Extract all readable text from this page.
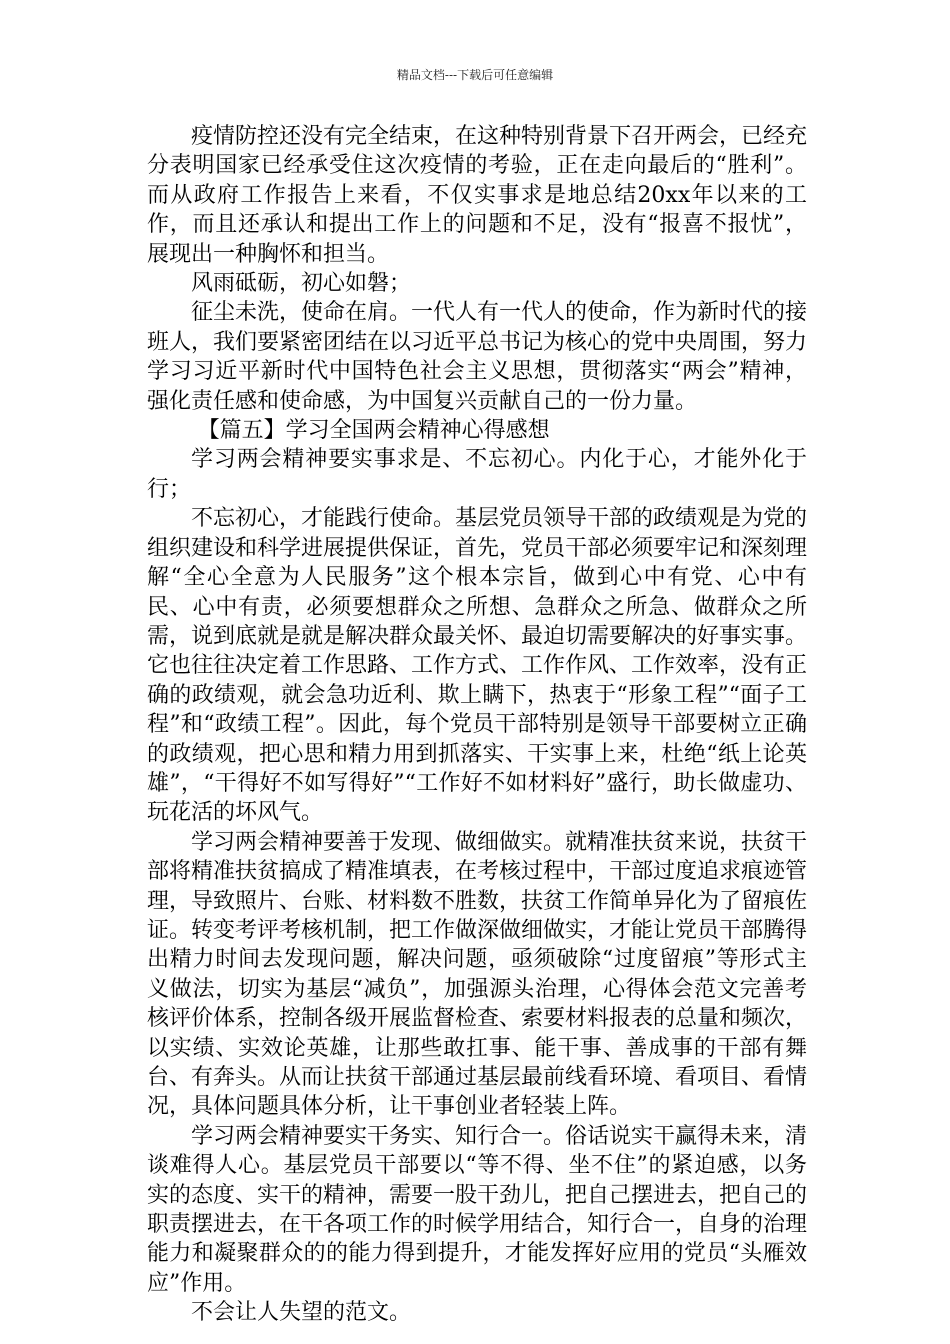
精品文档---下载后可任意编辑

疫情防控还没有完全结束，在这种特别背景下召开两会，已经充分表明国家已经承受住这次疫情的考验，正在走向最后的“胜利”。而从政府工作报告上来看，不仅实事求是地总结20xx年以来的工作，而且还承认和提出工作上的问题和不足，没有“报喜不报忧”，展现出一种胸怀和担当。

风雨砥砺，初心如磐；

征尘未洗，使命在肩。一代人有一代人的使命，作为新时代的接班人，我们要紧密团结在以习近平总书记为核心的党中央周围，努力学习习近平新时代中国特色社会主义思想，贯彻落实“两会”精神，强化责任感和使命感，为中国复兴贡献自己的一份力量。

【篇五】学习全国两会精神心得感想

学习两会精神要实事求是、不忘初心。内化于心，才能外化于行；

不忘初心，才能践行使命。基层党员领导干部的政绩观是为党的组织建设和科学进展提供保证，首先，党员干部必须要牢记和深刻理解“全心全意为人民服务”这个根本宗旨，做到心中有党、心中有民、心中有责，必须要想群众之所想、急群众之所急、做群众之所需，说到底就是就是解决群众最关怀、最迫切需要解决的好事实事。它也往往决定着工作思路、工作方式、工作作风、工作效率，没有正确的政绩观，就会急功近利、欺上瞒下，热衷于“形象工程”“面子工程”和“政绩工程”。因此，每个党员干部特别是领导干部要树立正确的政绩观，把心思和精力用到抓落实、干实事上来，杜绝“纸上论英雄”，“干得好不如写得好”“工作好不如材料好”盛行，助长做虚功、玩花活的坏风气。

学习两会精神要善于发现、做细做实。就精准扶贫来说，扶贫干部将精准扶贫搞成了精准填表，在考核过程中，干部过度追求痕迹管理，导致照片、台账、材料数不胜数，扶贫工作简单异化为了留痕佐证。转变考评考核机制，把工作做深做细做实，才能让党员干部腾得出精力时间去发现问题，解决问题，亟须破除“过度留痕”等形式主义做法，切实为基层“减负”，加强源头治理，心得体会范文完善考核评价体系，控制各级开展监督检查、索要材料报表的总量和频次，以实绩、实效论英雄，让那些敢扛事、能干事、善成事的干部有舞台、有奔头。从而让扶贫干部通过基层最前线看环境、看项目、看情况，具体问题具体分析，让干事创业者轻装上阵。

学习两会精神要实干务实、知行合一。俗话说实干赢得未来，清谈难得人心。基层党员干部要以“等不得、坐不住”的紧迫感，以务实的态度、实干的精神，需要一股干劲儿，把自己摆进去，把自己的职责摆进去，在干各项工作的时候学用结合，知行合一，自身的治理能力和凝聚群众的的能力得到提升，才能发挥好应用的党员“头雁效应”作用。

不会让人失望的范文。
